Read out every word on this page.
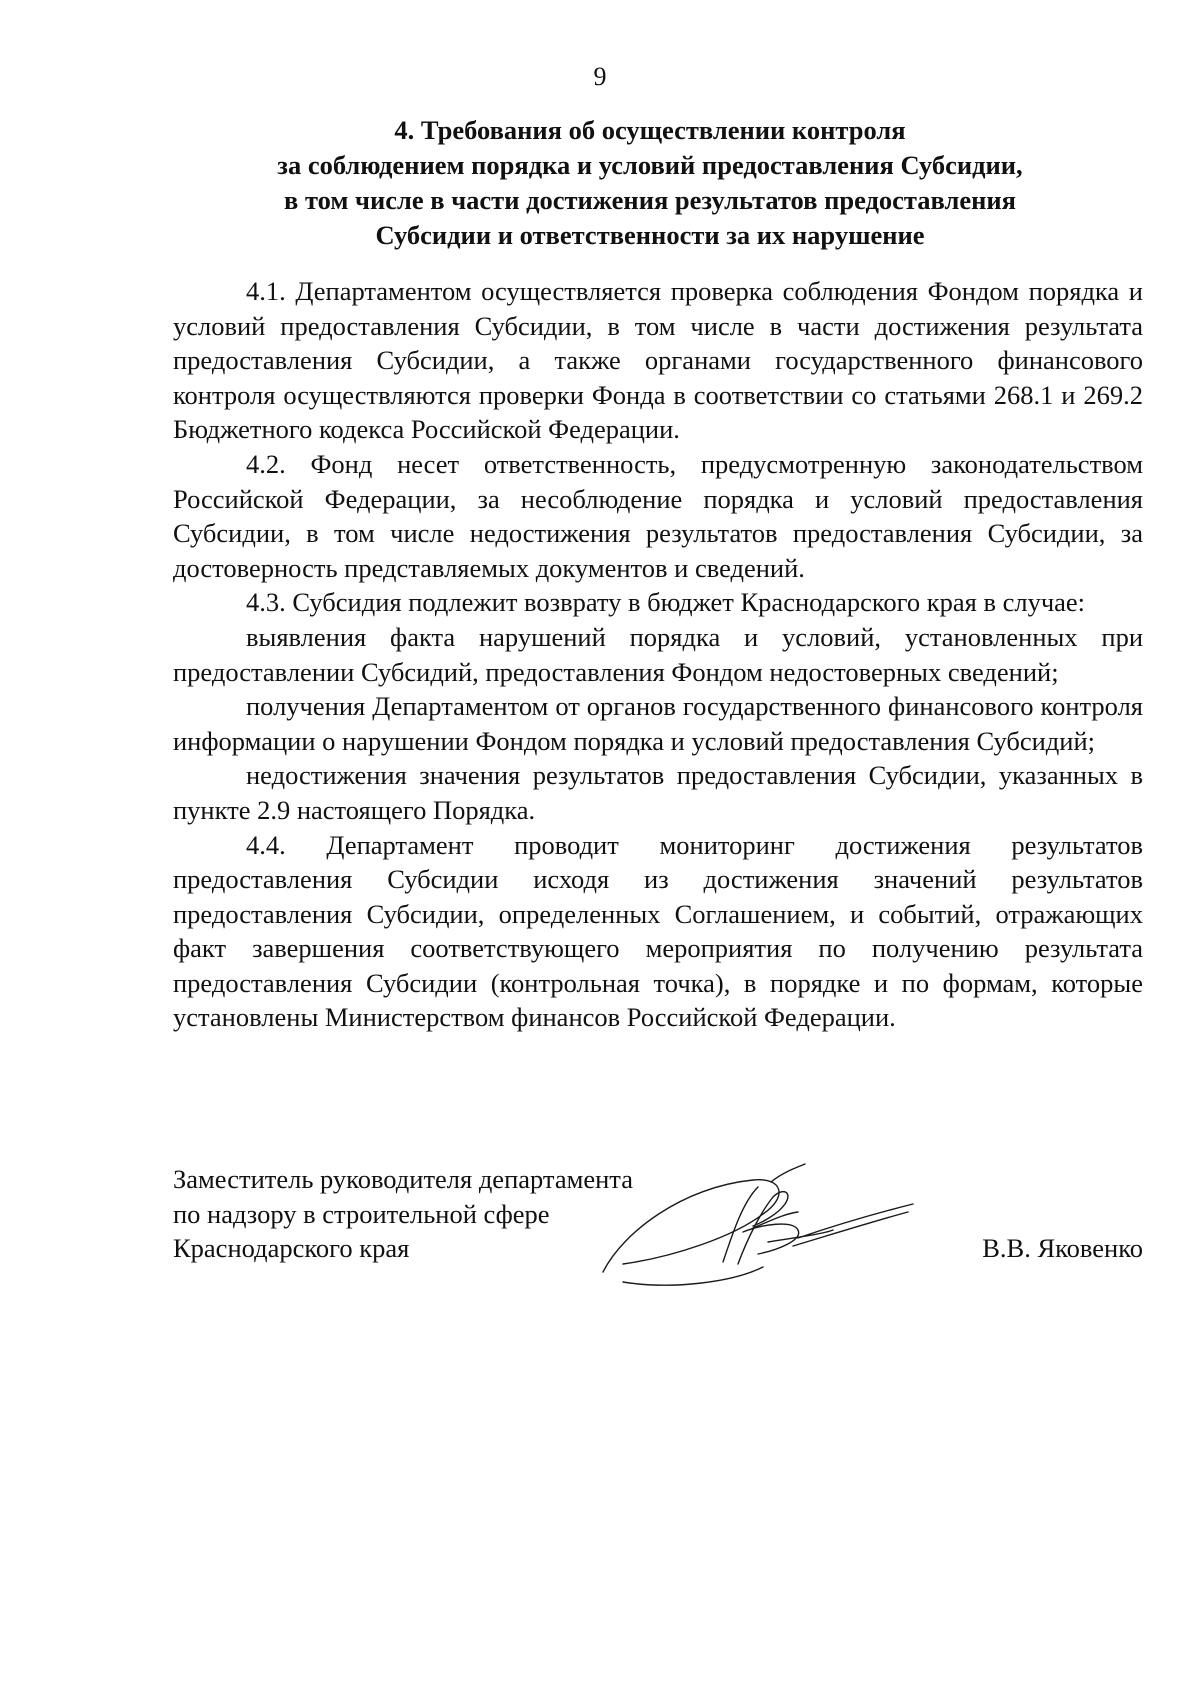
9
4. Требования об осуществлении контроля
за соблюдением порядка и условий предоставления Субсидии,
в том числе в части достижения результатов предоставления
Субсидии и ответственности за их нарушение

4.1. Департаментом осуществляется проверка соблюдения Фондом порядка и условий предоставления Субсидии, в том числе в части достижения результата предоставления Субсидии, а также органами государственного финансового контроля осуществляются проверки Фонда в соответствии со статьями 268.1 и 269.2 Бюджетного кодекса Российской Федерации.

4.2. Фонд несет ответственность, предусмотренную законодательством Российской Федерации, за несоблюдение порядка и условий предоставления Субсидии, в том числе недостижения результатов предоставления Субсидии, за достоверность представляемых документов и сведений.

4.3. Субсидия подлежит возврату в бюджет Краснодарского края в случае:

выявления факта нарушений порядка и условий, установленных при предоставлении Субсидий, предоставления Фондом недостоверных сведений;

получения Департаментом от органов государственного финансового контроля информации о нарушении Фондом порядка и условий предоставления Субсидий;

недостижения значения результатов предоставления Субсидии, указанных в пункте 2.9 настоящего Порядка.

4.4. Департамент проводит мониторинг достижения результатов предоставления Субсидии исходя из достижения значений результатов предоставления Субсидии, определенных Соглашением, и событий, отражающих факт завершения соответствующего мероприятия по получению результата предоставления Субсидии (контрольная точка), в порядке и по формам, которые установлены Министерством финансов Российской Федерации.

Заместитель руководителя департамента
по надзору в строительной сфере
Краснодарского края	В.В. Яковенко
